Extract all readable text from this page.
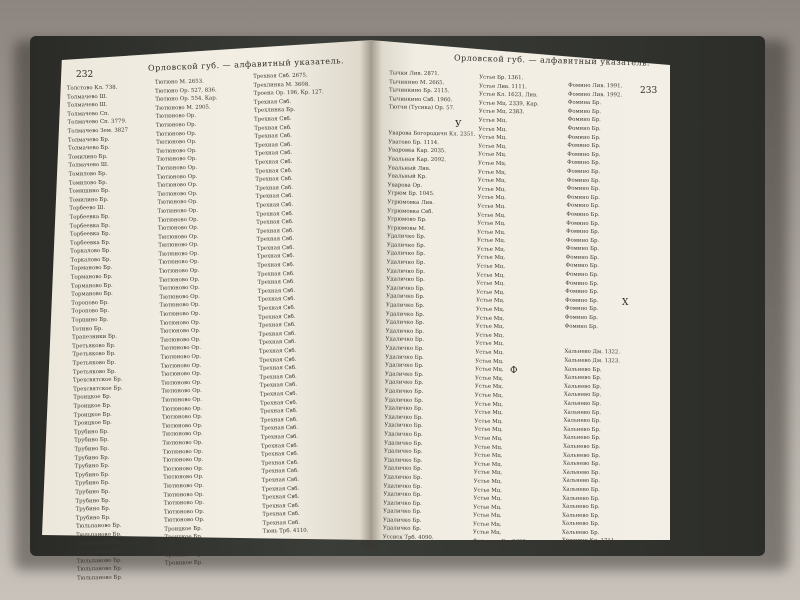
232
Орловской губ. — алфавитный указатель.
Толстово Кл. 738.
Толмачево Ш.
Толмачево Ш.
Толмачево Сп.
Толмачево Сп. 3779.
Толмачево Зем. 3827
Толмачево Бр.
Толмачево Бр.
Томилино Бр.
Толмачево Ш.
Томилово Бр.
Томилово Бр.
Томишино Бр.
Томилино Бр.
Торбеево Ш.
Торбеевка Бр.
Торбеевка Бр.
Торбеевка Бр.
Торбеевка Бр.
Торкалово Бр.
Торкалово Бр.
Торманово Бр.
Торманово Бр.
Торманово Бр.
Торманово Бр.
Торопово Бр.
Торопово Бр.
Торшино Бр.
Тотино Бр.
Трапезники Бр.
Третьяково Бр.
Третьяково Бр.
Третьяково Бр.
Третьяково Бр.
Трехсвятское Бр.
Трехсвятское Бр.
Троицкое Бр.
Троицкое Бр.
Троицкое Бр.
Троицкое Бр.
Трубино Бр.
Трубино Бр.
Трубино Бр.
Трубино Бр.
Трубино Бр.
Трубино Бр.
Трубино Бр.
Трубино Бр.
Трубино Бр.
Трубино Бр.
Трубино Бр.
Тюльпаново Бр.
Тюльпаново Бр.
Тюльпаново Бр.
Тюльпаново Бр.
Тюльпаново Бр.
Тюльпаново Бр.
Тюльпаново Бр.
Тютюно М. 2653.
Тютюно Ор. 527, 836.
Тютюно Ор. 554, Кар.
Тютюново М. 2905.
Тютюново Ор.
Тютюново Ор.
Тютюново Ор.
Тютюново Ор.
Тютюново Ор.
Тютюново Ор.
Тютюново Ор.
Тютюново Ор.
Тютюново Ор.
Тютюново Ор.
Тютюново Ор.
Тютюново Ор.
Тютюново Ор.
Тютюново Ор.
Тютюново Ор.
Тютюново Ор.
Тютюново Ор.
Тютюново Ор.
Тютюново Ор.
Тютюново Ор.
Тютюново Ор.
Тютюново Ор.
Тютюново Ор.
Тютюново Ор.
Тютюново Ор.
Тютюново Ор.
Тютюново Ор.
Тютюново Ор.
Тютюново Ор.
Тютюново Ор.
Тютюново Ор.
Тютюново Ор.
Тютюново Ор.
Тютюново Ор.
Тютюново Ор.
Тютюново Ор.
Тютюново Ор.
Тютюново Ор.
Тютюново Ор.
Тютюново Ор.
Тютюново Ор.
Тютюново Ор.
Тютюново Ор.
Тютюново Ор.
Тютюново Ор.
Тютюново Ор.
Тютюново Ор.
Тютюново Ор.
Троицкое Бр.
Троицкое Бр.
Троицкое Бр.
Троицкое Бр.
Троицкое Бр.
Трехная Свб. 2675.
Трехлинка М. 3608.
Троена Ор. 196, Кр. 127.
Трехная Свб.
Трехлинка Бр.
Трехная Свб.
Трехная Свб.
Трехная Свб.
Трехная Свб.
Трехная Свб.
Трехная Свб.
Трехная Свб.
Трехная Свб.
Трехная Свб.
Трехная Свб.
Трехная Свб.
Трехная Свб.
Трехная Свб.
Трехная Свб.
Трехная Свб.
Трехная Свб.
Трехная Свб.
Трехная Свб.
Трехная Свб.
Трехная Свб.
Трехная Свб.
Трехная Свб.
Трехная Свб.
Трехная Свб.
Трехная Свб.
Трехная Свб.
Трехная Свб.
Трехная Свб.
Трехная Свб.
Трехная Свб.
Трехная Свб.
Трехная Свб.
Трехная Свб.
Трехная Свб.
Трехная Свб.
Трехная Свб.
Трехная Свб.
Трехная Свб.
Трехная Свб.
Трехная Свб.
Трехная Свб.
Трехная Свб.
Трехная Свб.
Трехная Свб.
Трехная Свб.
Трехная Свб.
Трехная Свб.
Трехная Свб.
Тюнь Трб. 4110.
Орловской губ. — алфавитный указатель.
233
Тычки Лив. 2871.
Тычинино М. 2665.
Тычинкино Бр. 2115.
Тычинкино Свб. 1960.
Тютчи (Тусика) Ор. 57.

Уварова Богородичн Кл. 2351.
Уватово Бр. 1114.
Уваровка Кар. 2035.
Увальная Кар. 2092.
Увальный Лив.
Увальный Кр.
Уварова Ор.
Угрюм Бр. 1045.
Угрюмовка Лив.
Угрюмовка Свб.
Угрюмово Бр.
Угрюмовы М.
Удаличко Бр.
Удаличко Бр.
Удаличко Бр.
Удаличко Бр.
Удаличко Бр.
Удаличко Бр.
Удаличко Бр.
Удаличко Бр.
Удаличко Бр.
Удаличко Бр.
Удаличко Бр.
Удаличко Бр.
Удаличко Бр.
Удаличко Бр.
Удаличко Бр.
Удаличко Бр.
Удаличко Бр.
Удаличко Бр.
Удаличко Бр.
Удаличко Бр.
Удаличко Бр.
Удаличко Бр.
Удаличко Бр.
Удаличко Бр.
Удаличко Бр.
Удаличко Бр.
Удаличко Бр.
Удаличко Бр.
Удаличко Бр.
Удаличко Бр.
Удаличко Бр.
Удаличко Бр.
Удаличко Бр.
Удаличко Бр.
Удаличко Бр.
Уссиск Трб. 4090.
Устье Бр. 1361.
Устье Лив. 1111.
Устье Кл. 1623, Лив.
Устье Мц. 2339, Кар.
Устье Мц. 2383.
Устье Мц.
Устье Мц.
Устье Мц.
Устье Мц.
Устье Мц.
Устье Мц.
Устье Мц.
Устье Мц.
Устье Мц.
Устье Мц.
Устье Мц.
Устье Мц.
Устье Мц.
Устье Мц.
Устье Мц.
Устье Мц.
Устье Мц.
Устье Мц.
Устье Мц.
Устье Мц.
Устье Мц.
Устье Мц.
Устье Мц.
Устье Мц.
Устье Мц.
Устье Мц.
Устье Мц.
Устье Мц.
Устье Мц.
Устье Мц.
Устье Мц.
Устье Мц.
Устье Мц.
Устье Мц.
Устье Мц.
Устье Мц.
Устье Мц.
Устье Мц.
Устье Мц.
Устье Мц.
Устье Мц.
Устье Мц.
Устье Мц.
Устье Мц.
Устье Мц.
Устье Мц.
Устье Мц.
Устье Мц.
Устье Мц.
Фатьянов Бр. 3638.
Фомино Лив. 1991.
Фомино Лив. 1992.
Фомина Бр.
Фомино Бр.
Фомино Бр.
Фомино Бр.
Фомино Бр.
Фомино Бр.
Фомино Бр.
Фомино Бр.
Фомино Бр.
Фомино Бр.
Фомино Бр.
Фомино Бр.
Фомино Бр.
Фомино Бр.
Фомино Бр.
Фомино Бр.
Фомино Бр.
Фомино Бр.
Фомино Бр.
Фомино Бр.
Фомино Бр.
Фомино Бр.
Фомино Бр.
Фомино Бр.
Фомино Бр.
Фомино Бр.
Фомино Бр.

Хальнево Дм. 1322.
Хальнево Дм. 1323.
Хальнево Бр.
Хальнево Бр.
Хальнево Бр.
Хальнево Бр.
Хальнево Бр.
Хальнево Бр.
Хальнево Бр.
Хальнево Бр.
Хальнево Бр.
Хальнево Бр.
Хальнево Бр.
Хальнево Бр.
Хальнево Бр.
Хальнево Бр.
Хальнево Бр.
Хальнево Бр.
Хальнево Бр.
Хальнево Бр.
Хальнево Бр.
Хальнево Бр.
Хрюпино Кл. 1711.
У
Ф
Х
